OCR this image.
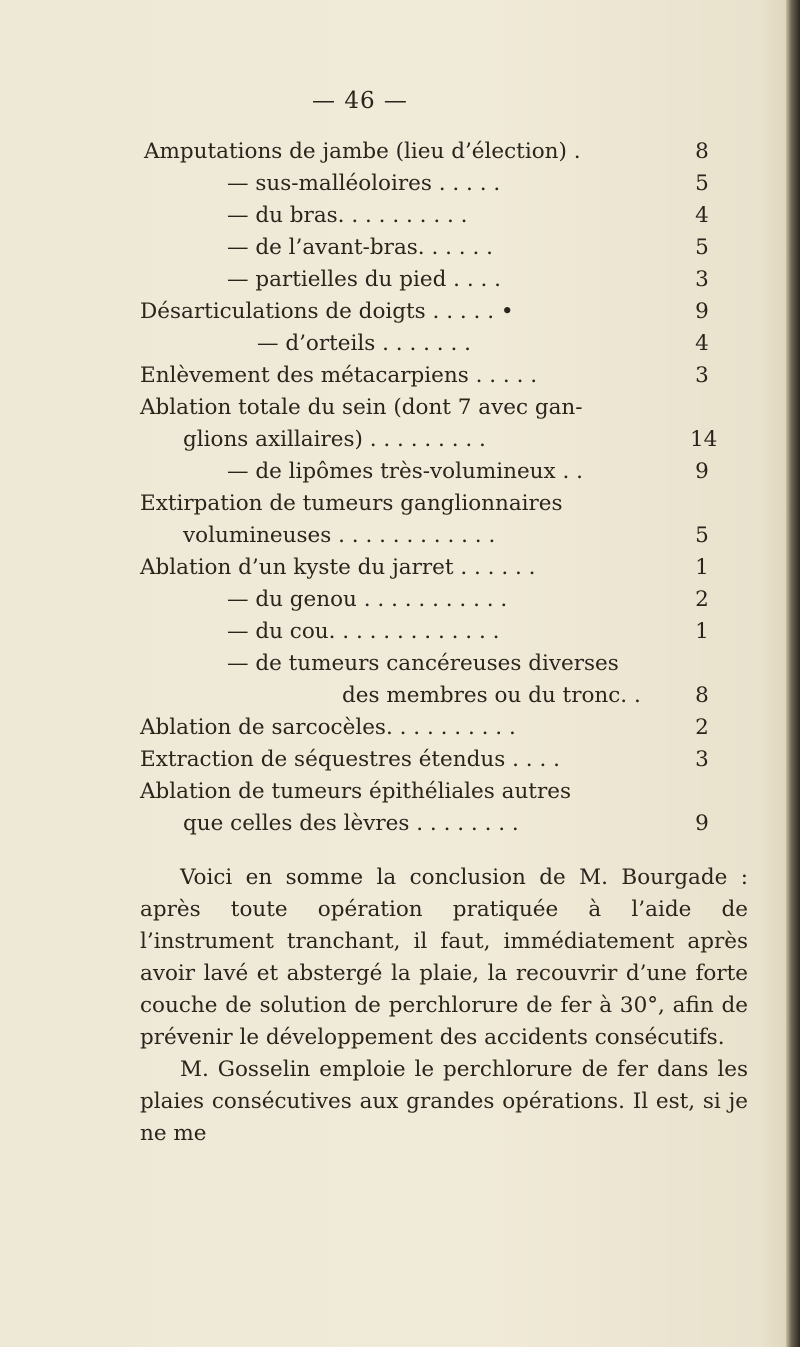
— 46 —
Amputations de jambe (lieu d’élection) .	8
— sus-malléoloires . . . . .	5
— du bras. . . . . . . . . .	4
— de l’avant-bras. . . . . .	5
— partielles du pied . . . .	3
Désarticulations de doigts . . . . . •	9
— d’orteils . . . . . . .	4
Enlèvement des métacarpiens . . . . .	3
Ablation totale du sein (dont 7 avec gan-
glions axillaires) . . . . . . . . .	14
— de lipômes très-volumineux . .	9
Extirpation de tumeurs ganglionnaires
volumineuses . . . . . . . . . . . .	5
Ablation d’un kyste du jarret . . . . . .	1
— du genou . . . . . . . . . . .	2
— du cou. . . . . . . . . . . . .	1
— de tumeurs cancéreuses diverses
des membres ou du tronc. .	8
Ablation de sarcocèles. . . . . . . . . .	2
Extraction de séquestres étendus . . . .	3
Ablation de tumeurs épithéliales autres
que celles des lèvres . . . . . . . .	9

Voici en somme la conclusion de M. Bourgade : après toute opération pratiquée à l’aide de l’instrument tranchant, il faut, immédiatement après avoir lavé et abstergé la plaie, la recouvrir d’une forte couche de solution de perchlorure de fer à 30°, afin de prévenir le développement des accidents consécutifs.

M. Gosselin emploie le perchlorure de fer dans les plaies consécutives aux grandes opérations. Il est, si je ne me
